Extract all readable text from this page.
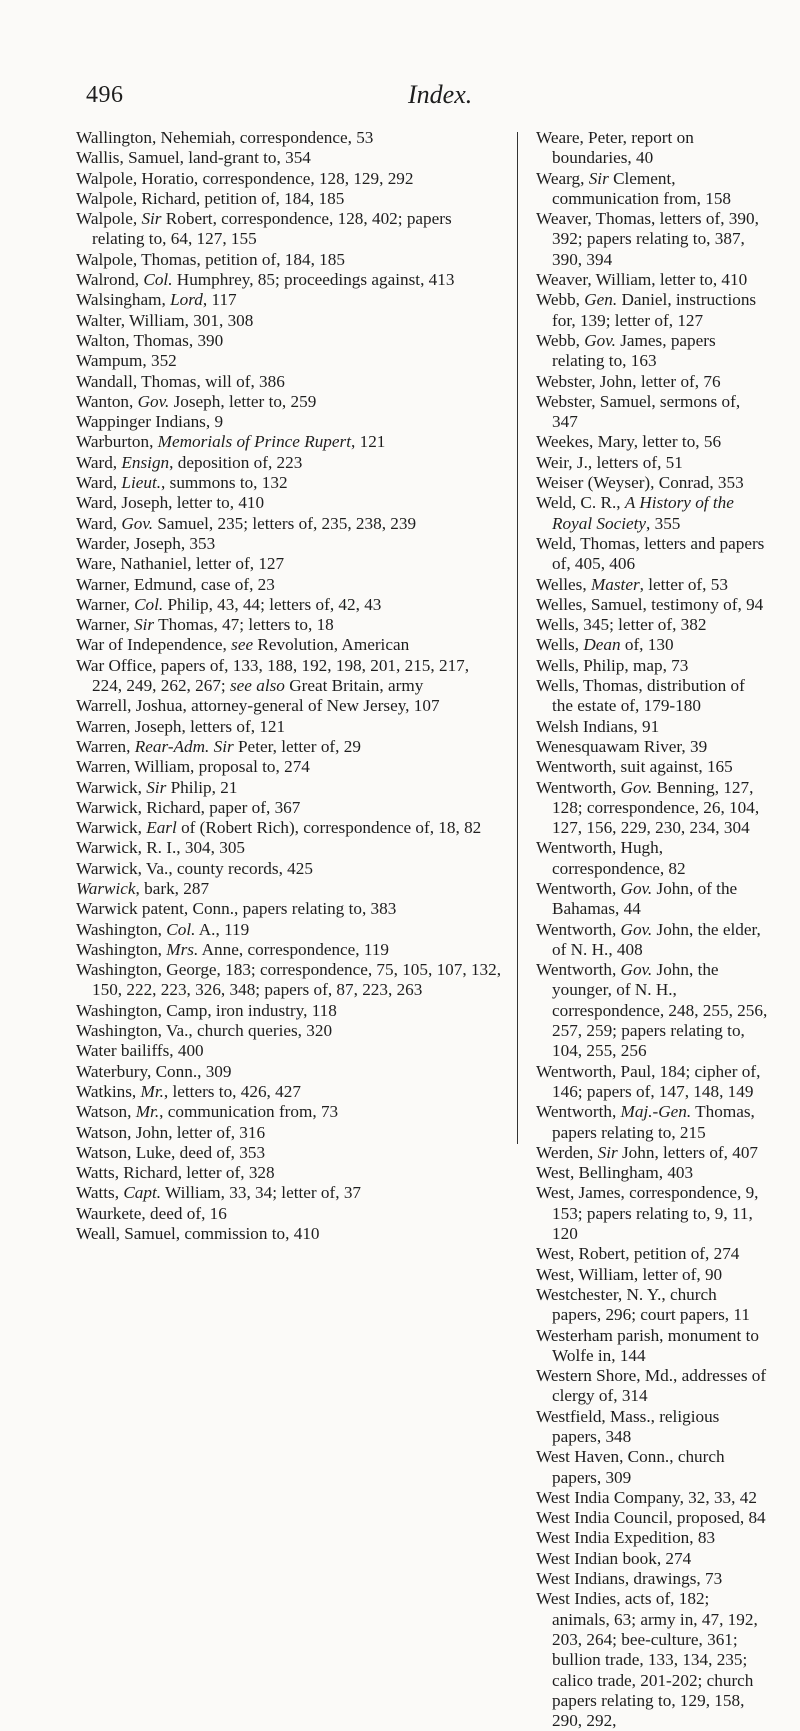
496	Index.
Wallington, Nehemiah, correspondence, 53
Wallis, Samuel, land-grant to, 354
Walpole, Horatio, correspondence, 128, 129, 292
Walpole, Richard, petition of, 184, 185
Walpole, Sir Robert, correspondence, 128, 402; papers relating to, 64, 127, 155
Walpole, Thomas, petition of, 184, 185
Walrond, Col. Humphrey, 85; proceedings against, 413
Walsingham, Lord, 117
Walter, William, 301, 308
Walton, Thomas, 390
Wampum, 352
Wandall, Thomas, will of, 386
Wanton, Gov. Joseph, letter to, 259
Wappinger Indians, 9
Warburton, Memorials of Prince Rupert, 121
Ward, Ensign, deposition of, 223
Ward, Lieut., summons to, 132
Ward, Joseph, letter to, 410
Ward, Gov. Samuel, 235; letters of, 235, 238, 239
Warder, Joseph, 353
Ware, Nathaniel, letter of, 127
Warner, Edmund, case of, 23
Warner, Col. Philip, 43, 44; letters of, 42, 43
Warner, Sir Thomas, 47; letters to, 18
War of Independence, see Revolution, American
War Office, papers of, 133, 188, 192, 198, 201, 215, 217, 224, 249, 262, 267; see also Great Britain, army
Warrell, Joshua, attorney-general of New Jersey, 107
Warren, Joseph, letters of, 121
Warren, Rear-Adm. Sir Peter, letter of, 29
Warren, William, proposal to, 274
Warwick, Sir Philip, 21
Warwick, Richard, paper of, 367
Warwick, Earl of (Robert Rich), correspondence of, 18, 82
Warwick, R. I., 304, 305
Warwick, Va., county records, 425
Warwick, bark, 287
Warwick patent, Conn., papers relating to, 383
Washington, Col. A., 119
Washington, Mrs. Anne, correspondence, 119
Washington, George, 183; correspondence, 75, 105, 107, 132, 150, 222, 223, 326, 348; papers of, 87, 223, 263
Washington, Camp, iron industry, 118
Washington, Va., church queries, 320
Water bailiffs, 400
Waterbury, Conn., 309
Watkins, Mr., letters to, 426, 427
Watson, Mr., communication from, 73
Watson, John, letter of, 316
Watson, Luke, deed of, 353
Watts, Richard, letter of, 328
Watts, Capt. William, 33, 34; letter of, 37
Waurkete, deed of, 16
Weall, Samuel, commission to, 410
Weare, Peter, report on boundaries, 40
Wearg, Sir Clement, communication from, 158
Weaver, Thomas, letters of, 390, 392; papers relating to, 387, 390, 394
Weaver, William, letter to, 410
Webb, Gen. Daniel, instructions for, 139; letter of, 127
Webb, Gov. James, papers relating to, 163
Webster, John, letter of, 76
Webster, Samuel, sermons of, 347
Weekes, Mary, letter to, 56
Weir, J., letters of, 51
Weiser (Weyser), Conrad, 353
Weld, C. R., A History of the Royal Society, 355
Weld, Thomas, letters and papers of, 405, 406
Welles, Master, letter of, 53
Welles, Samuel, testimony of, 94
Wells, 345; letter of, 382
Wells, Dean of, 130
Wells, Philip, map, 73
Wells, Thomas, distribution of the estate of, 179-180
Welsh Indians, 91
Wenesquawam River, 39
Wentworth, suit against, 165
Wentworth, Gov. Benning, 127, 128; correspondence, 26, 104, 127, 156, 229, 230, 234, 304
Wentworth, Hugh, correspondence, 82
Wentworth, Gov. John, of the Bahamas, 44
Wentworth, Gov. John, the elder, of N. H., 408
Wentworth, Gov. John, the younger, of N. H., correspondence, 248, 255, 256, 257, 259; papers relating to, 104, 255, 256
Wentworth, Paul, 184; cipher of, 146; papers of, 147, 148, 149
Wentworth, Maj.-Gen. Thomas, papers relating to, 215
Werden, Sir John, letters of, 407
West, Bellingham, 403
West, James, correspondence, 9, 153; papers relating to, 9, 11, 120
West, Robert, petition of, 274
West, William, letter of, 90
Westchester, N. Y., church papers, 296; court papers, 11
Westerham parish, monument to Wolfe in, 144
Western Shore, Md., addresses of clergy of, 314
Westfield, Mass., religious papers, 348
West Haven, Conn., church papers, 309
West India Company, 32, 33, 42
West India Council, proposed, 84
West India Expedition, 83
West Indian book, 274
West Indians, drawings, 73
West Indies, acts of, 182; animals, 63; army in, 47, 192, 203, 264; bee-culture, 361; bullion trade, 133, 134, 235; calico trade, 201-202; church papers relating to, 129, 158, 290, 292,
